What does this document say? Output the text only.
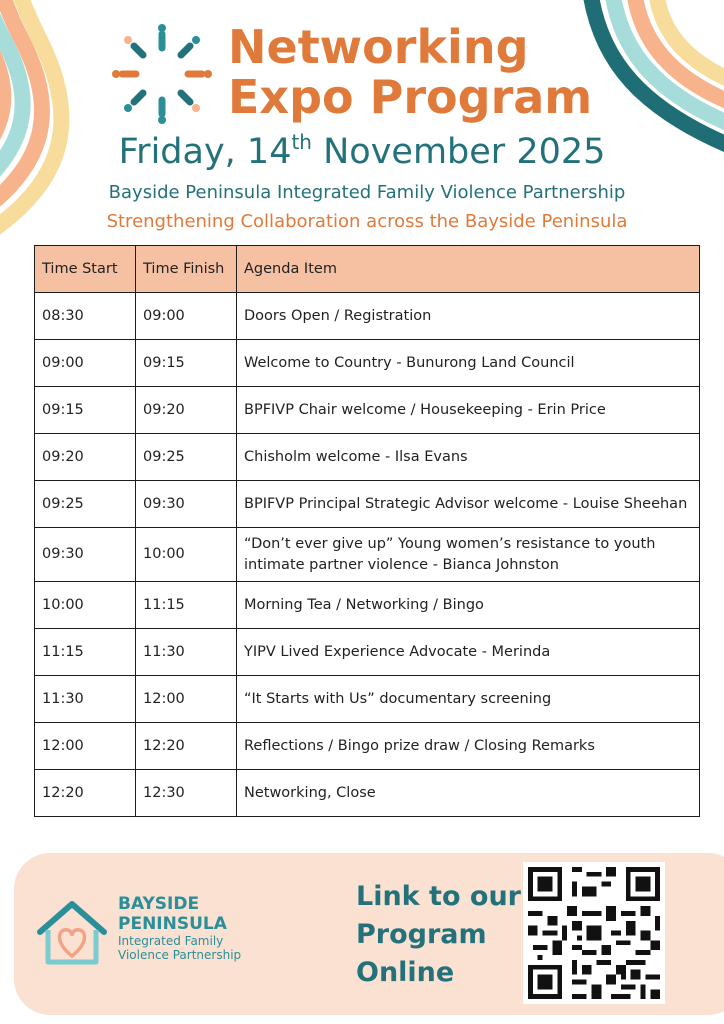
Networking
Expo Program
Friday, 14th November 2025
Bayside Peninsula Integrated Family Violence Partnership
Strengthening Collaboration across the Bayside Peninsula
Time Start	Time Finish	Agenda Item
08:30	09:00	Doors Open / Registration
09:00	09:15	Welcome to Country - Bunurong Land Council
09:15	09:20	BPFIVP Chair welcome / Housekeeping - Erin Price
09:20	09:25	Chisholm welcome - Ilsa Evans
09:25	09:30	BPIFVP Principal Strategic Advisor welcome - Louise Sheehan
09:30	10:00	“Don’t ever give up” Young women’s resistance to youth intimate partner violence - Bianca Johnston
10:00	11:15	Morning Tea / Networking / Bingo
11:15	11:30	YIPV Lived Experience Advocate - Merinda
11:30	12:00	“It Starts with Us” documentary screening
12:00	12:20	Reflections / Bingo prize draw / Closing Remarks
12:20	12:30	Networking, Close
BAYSIDE
PENINSULA
Integrated Family
Violence Partnership
Link to our
Program
Online
